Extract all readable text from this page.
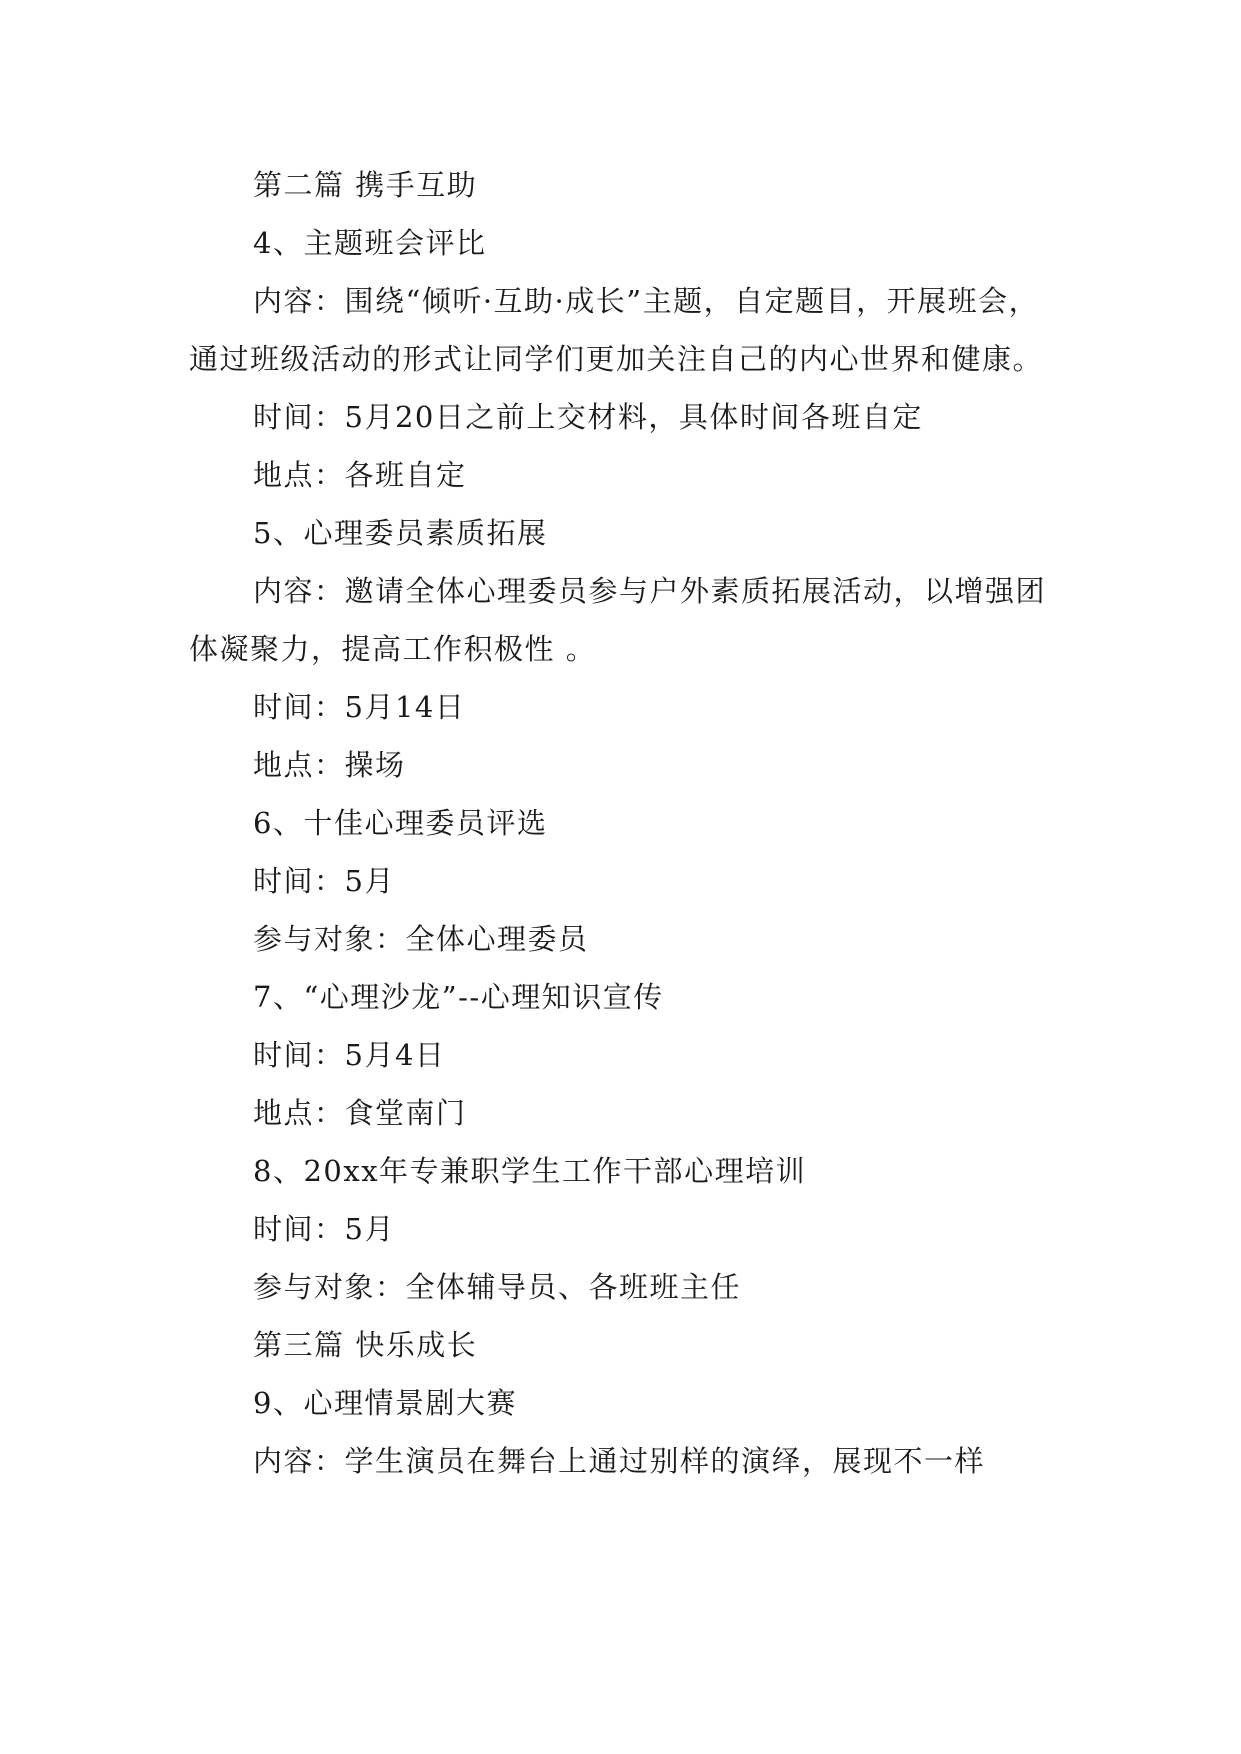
第二篇 携手互助

4、主题班会评比

内容：围绕“倾听·互助·成长”主题，自定题目，开展班会，通过班级活动的形式让同学们更加关注自己的内心世界和健康。

时间：5月20日之前上交材料，具体时间各班自定

地点：各班自定

5、心理委员素质拓展

内容：邀请全体心理委员参与户外素质拓展活动，以增强团体凝聚力，提高工作积极性 。

时间：5月14日

地点：操场

6、十佳心理委员评选

时间：5月

参与对象：全体心理委员

7、“心理沙龙”--心理知识宣传

时间：5月4日

地点：食堂南门

8、20xx年专兼职学生工作干部心理培训

时间：5月

参与对象：全体辅导员、各班班主任

第三篇 快乐成长

9、心理情景剧大赛

内容：学生演员在舞台上通过别样的演绎，展现不一样
